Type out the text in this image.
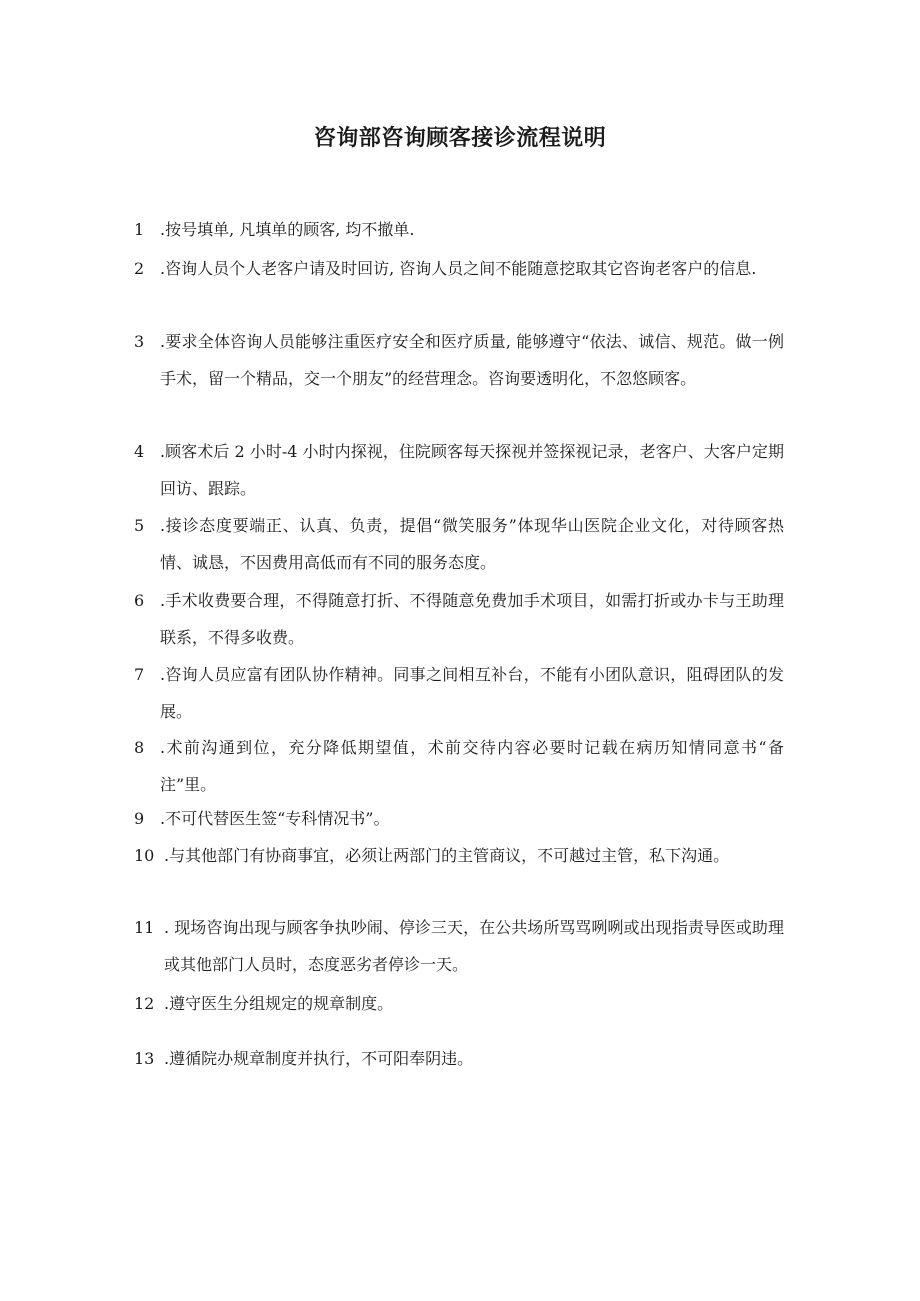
咨询部咨询顾客接诊流程说明
1 .按号填单, 凡填单的顾客, 均不撤单.
2 .咨询人员个人老客户请及时回访, 咨询人员之间不能随意挖取其它咨询老客户的信息.
3 .要求全体咨询人员能够注重医疗安全和医疗质量, 能够遵守“依法、诚信、规范。做一例手术，留一个精品，交一个朋友”的经营理念。咨询要透明化，不忽悠顾客。
4 .顾客术后 2 小时-4 小时内探视，住院顾客每天探视并签探视记录，老客户、大客户定期回访、跟踪。
5 .接诊态度要端正、认真、负责，提倡“微笑服务”体现华山医院企业文化，对待顾客热情、诚恳，不因费用高低而有不同的服务态度。
6 .手术收费要合理，不得随意打折、不得随意免费加手术项目，如需打折或办卡与王助理联系，不得多收费。
7 .咨询人员应富有团队协作精神。同事之间相互补台，不能有小团队意识，阻碍团队的发展。
8 .术前沟通到位，充分降低期望值，术前交待内容必要时记载在病历知情同意书“备注”里。
9 .不可代替医生签“专科情况书”。
10 .与其他部门有协商事宜，必须让两部门的主管商议，不可越过主管，私下沟通。
11 . 现场咨询出现与顾客争执吵闹、停诊三天，在公共场所骂骂咧咧或出现指责导医或助理或其他部门人员时，态度恶劣者停诊一天。
12 .遵守医生分组规定的规章制度。
13 .遵循院办规章制度并执行，不可阳奉阴违。
